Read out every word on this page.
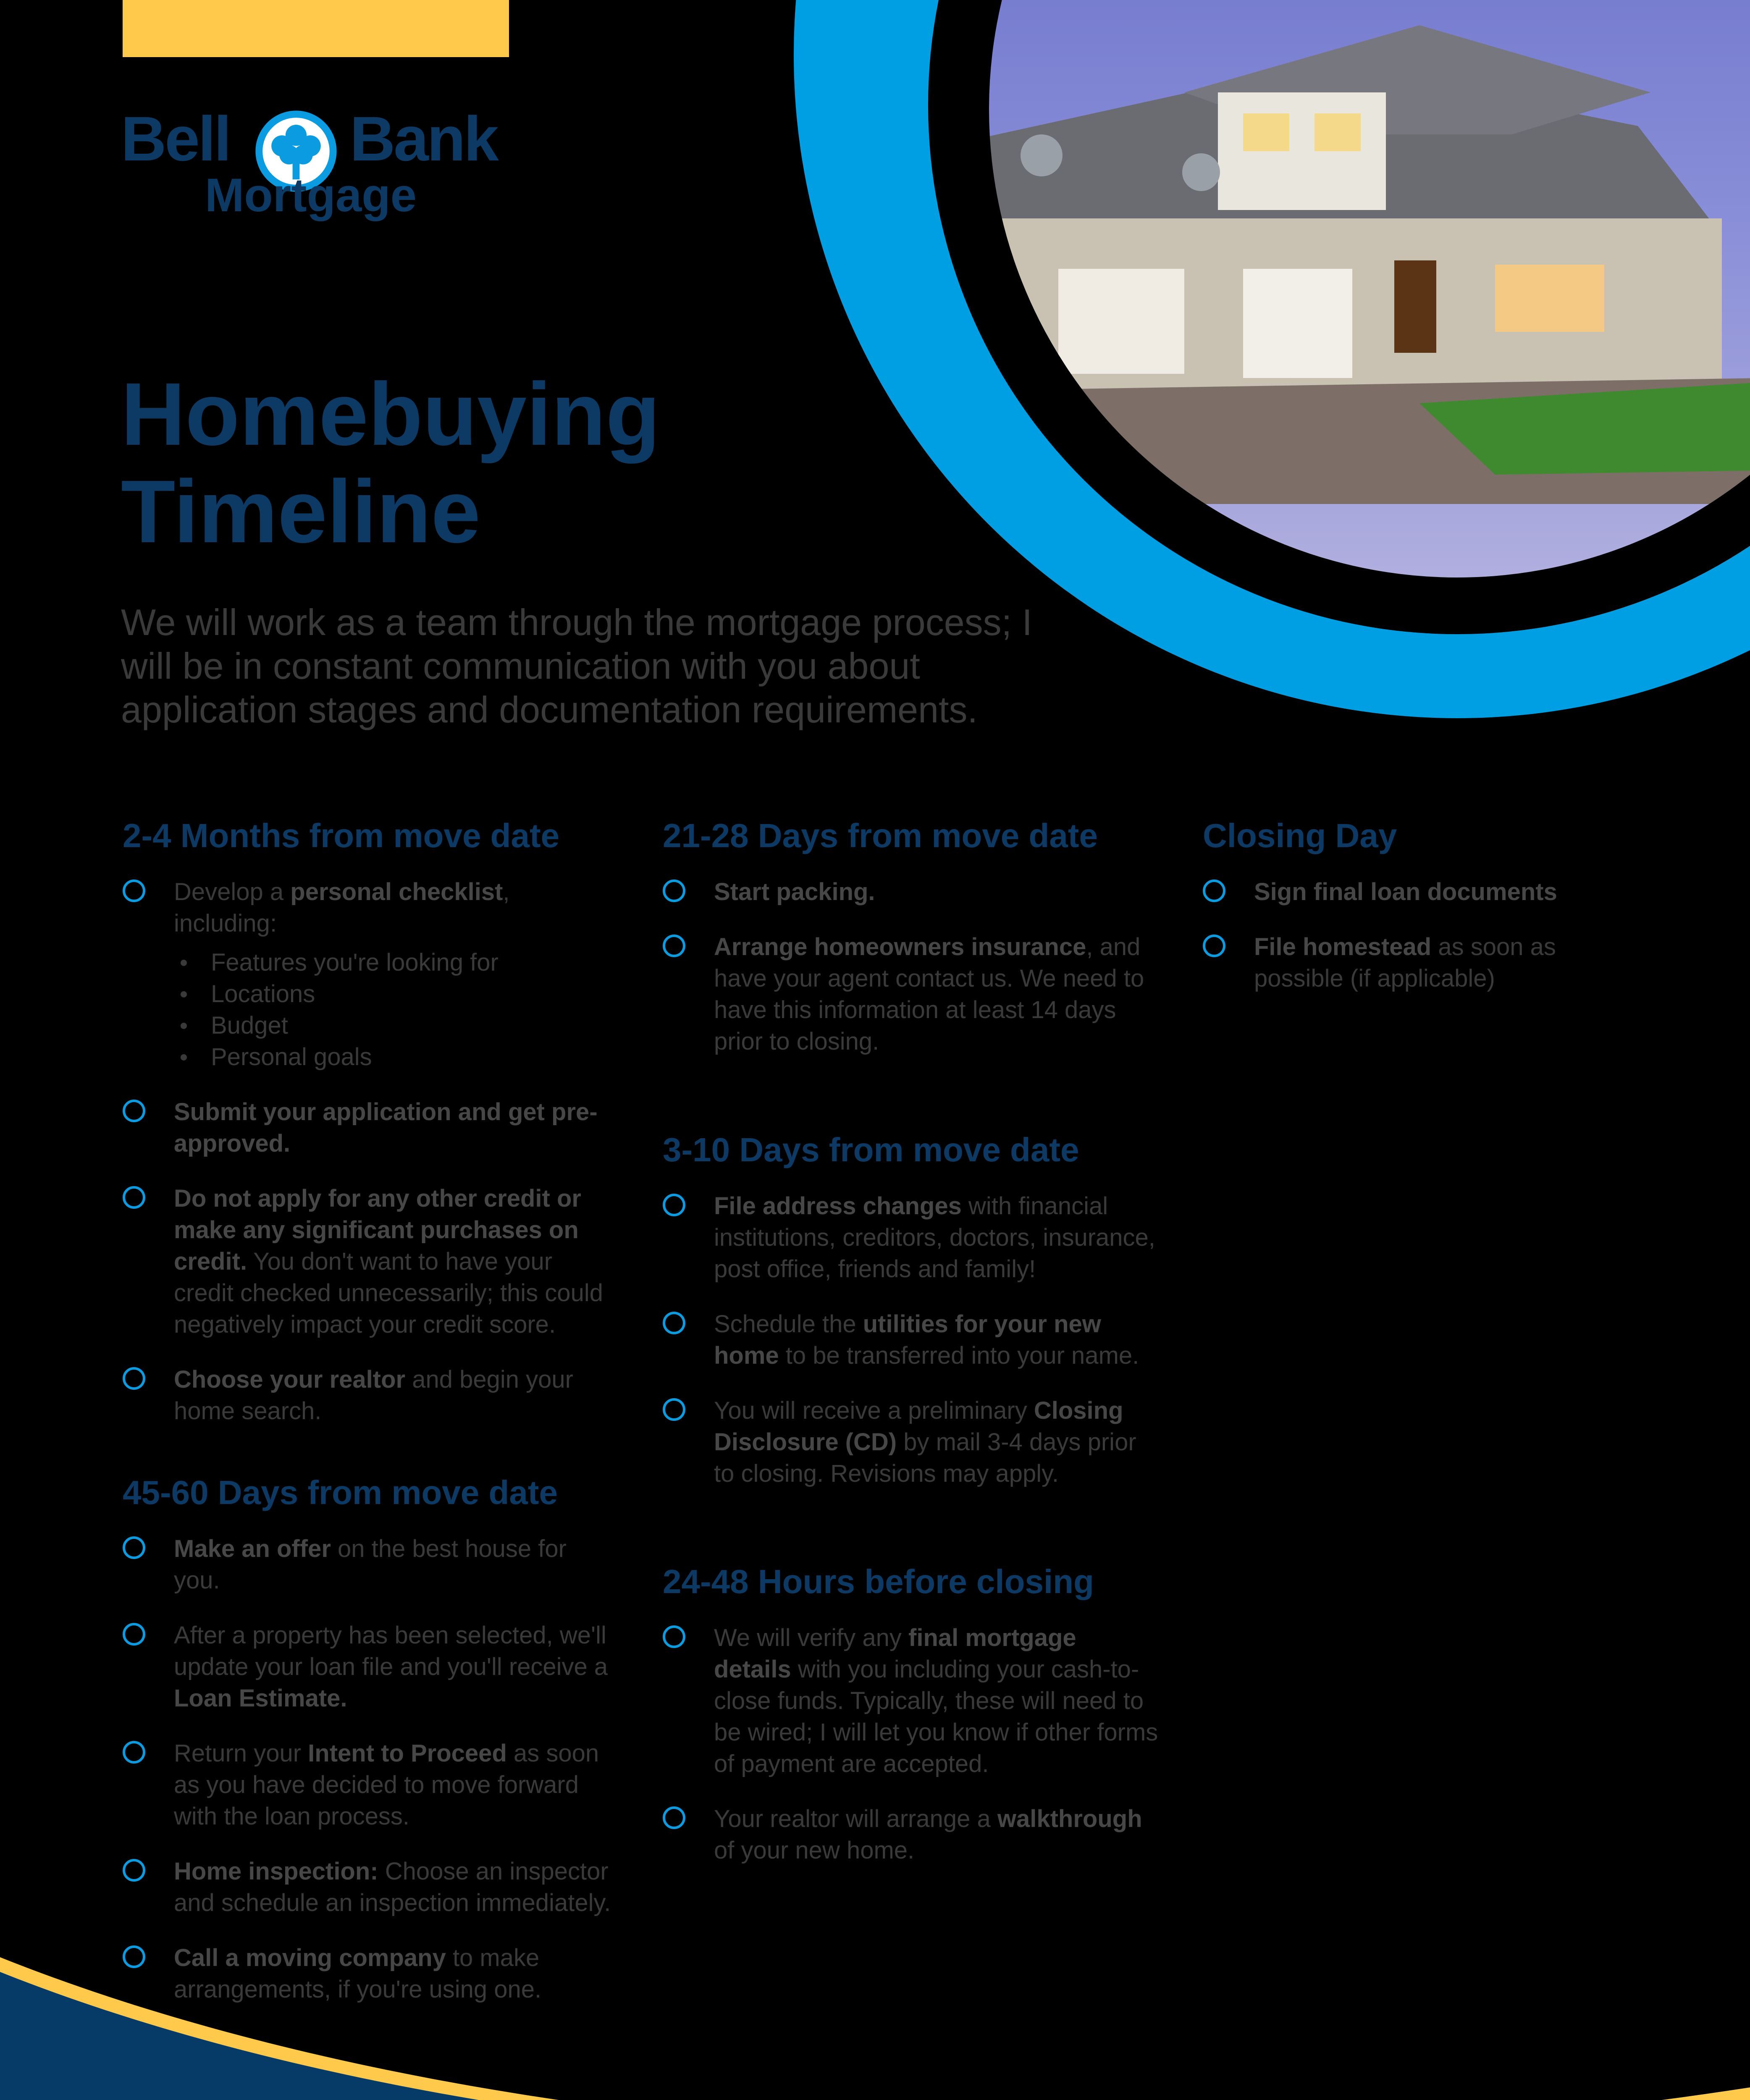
Bell Bank
Mortgage
Homebuying
Timeline
We will work as a team through the mortgage process; I will be in constant communication with you about application stages and documentation requirements.
2-4 Months from move date
Develop a personal checklist, including:
Features you're looking for
Locations
Budget
Personal goals
Submit your application and get pre-approved.
Do not apply for any other credit or make any significant purchases on credit. You don't want to have your credit checked unnecessarily; this could negatively impact your credit score.
Choose your realtor and begin your home search.
45-60 Days from move date
Make an offer on the best house for you.
After a property has been selected, we'll update your loan file and you'll receive a Loan Estimate.
Return your Intent to Proceed as soon as you have decided to move forward with the loan process.
Home inspection: Choose an inspector and schedule an inspection immediately.
Call a moving company to make arrangements, if you're using one.
21-28 Days from move date
Start packing.
Arrange homeowners insurance, and have your agent contact us. We need to have this information at least 14 days prior to closing.
3-10 Days from move date
File address changes with financial institutions, creditors, doctors, insurance, post office, friends and family!
Schedule the utilities for your new home to be transferred into your name.
You will receive a preliminary Closing Disclosure (CD) by mail 3-4 days prior to closing. Revisions may apply.
24-48 Hours before closing
We will verify any final mortgage details with you including your cash-to-close funds. Typically, these will need to be wired; I will let you know if other forms of payment are accepted.
Your realtor will arrange a walkthrough of your new home.
Closing Day
Sign final loan documents
File homestead as soon as possible (if applicable)
